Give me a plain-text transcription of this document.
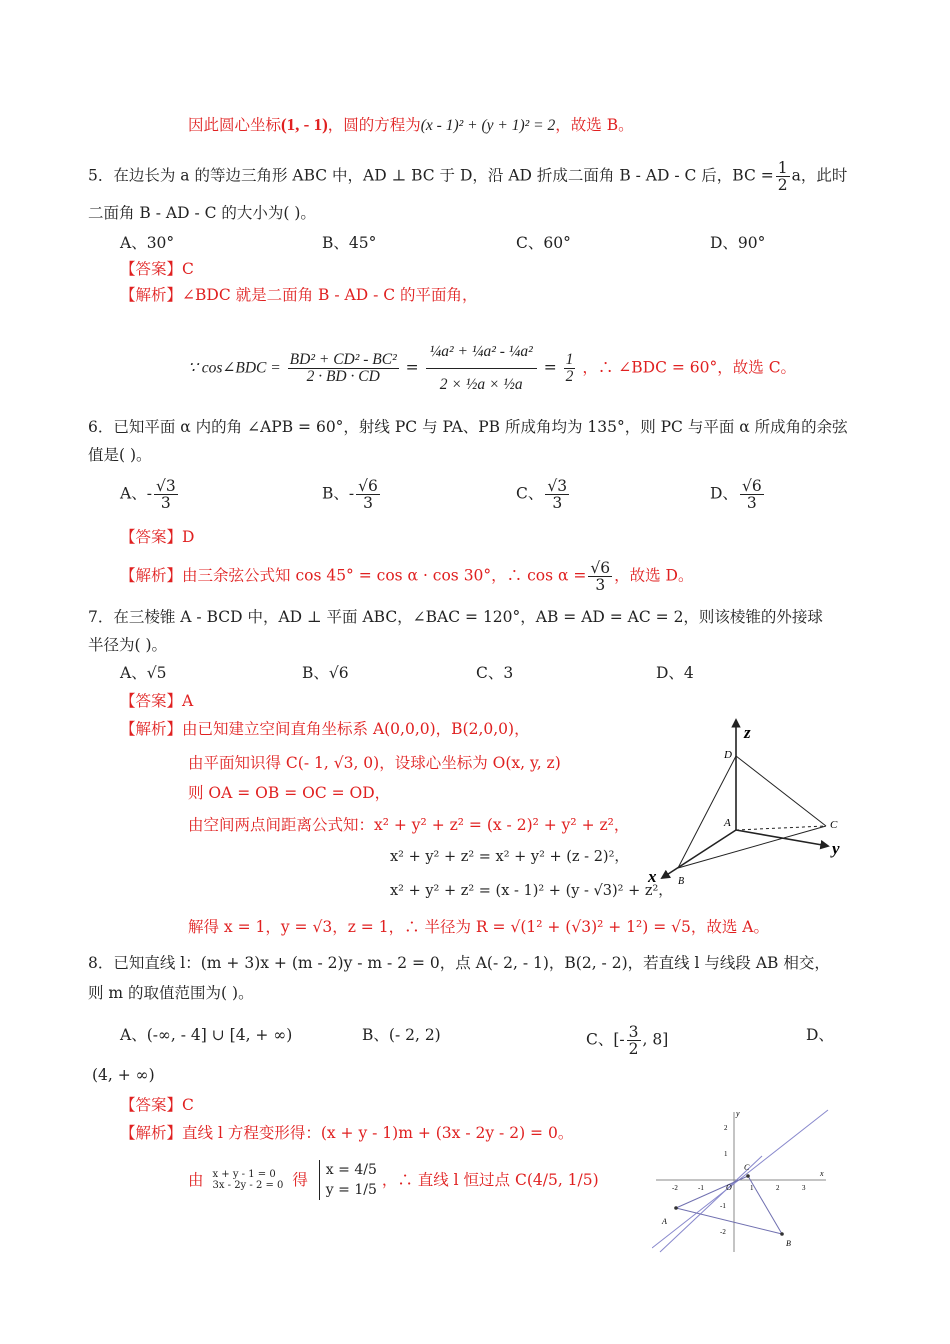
因此圆心坐标(1, - 1)，圆的方程为(x - 1)² + (y + 1)² = 2，故选 B。
5．在边长为 a 的等边三角形 ABC 中，AD ⊥ BC 于 D，沿 AD 折成二面角 B - AD - C 后，BC = $\frac{1}{2}$ a，此时
二面角 B - AD - C 的大小为( )。
A、30°	B、45°	C、60°	D、90°
【答案】C
【解析】∠BDC 就是二面角 B - AD - C 的平面角，
∵ cos∠BDC = $\frac{\text{BD² + CD² - BC²}}{2 \cdot BD \cdot CD} = \frac{\text{¼a² + ¼a² - ¼a²}}{\text{2 × ½a × ½a}} = \frac{1}{2}$ ，∴ ∠BDC = 60°，故选 C。
6．已知平面 α 内的角 ∠APB = 60°，射线 PC 与 PA、PB 所成角均为 135°，则 PC 与平面 α 所成角的余弦
值是( )。
A、- $\frac{√3}{3}$	B、- $\frac{√6}{3}$	C、 $\frac{√3}{3}$	D、 $\frac{√6}{3}$
【答案】D
【解析】由三余弦公式知 cos 45° = cos α · cos 30°，∴ $\cos \alpha = \frac{√6}{3}$ ，故选 D。
7．在三棱锥 A - BCD 中，AD ⊥ 平面 ABC，∠BAC = 120°，AB = AD = AC = 2，则该棱锥的外接球
半径为( )。
A、√5	B、√6	C、3	D、4
【答案】A
【解析】由已知建立空间直角坐标系 A(0,0,0)，B(2,0,0)，
由平面知识得 C(- 1, √3, 0)，设球心坐标为 O(x, y, z)
则 OA = OB = OC = OD，
由空间两点间距离公式知：x² + y² + z² = (x - 2)² + y² + z²，
x² + y² + z² = x² + y² + (z - 2)²，
x² + y² + z² = (x - 1)² + (y - √3)² + z²，
解得 x = 1，y = √3，z = 1，∴ 半径为 R = √(1² + (√3)² + 1²) = √5，故选 A。
z
y
x
D
A	C
B
8．已知直线 l：(m + 3)x + (m - 2)y - m - 2 = 0，点 A(- 2, - 1)，B(2, - 2)，若直线 l 与线段 AB 相交，
则 m 的取值范围为( )。
A、(-∞, - 4] ∪ [4, + ∞)	B、(- 2, 2)	C、[- $\frac{3}{2}$ , 8]	D、
(4, + ∞)
【答案】C
【解析】直线 l 方程变形得：(x + y - 1)m + (3x - 2y - 2) = 0。
由 x + y - 1 = 0
3x - 2y - 2 = 0 得
x = 4/5
y = 1/5
，∴ 直线 l 恒过点 C(4/5, 1/5)
A
B
C
O
x
y
-2	-1	1	2	3
2
1
-1
-2
